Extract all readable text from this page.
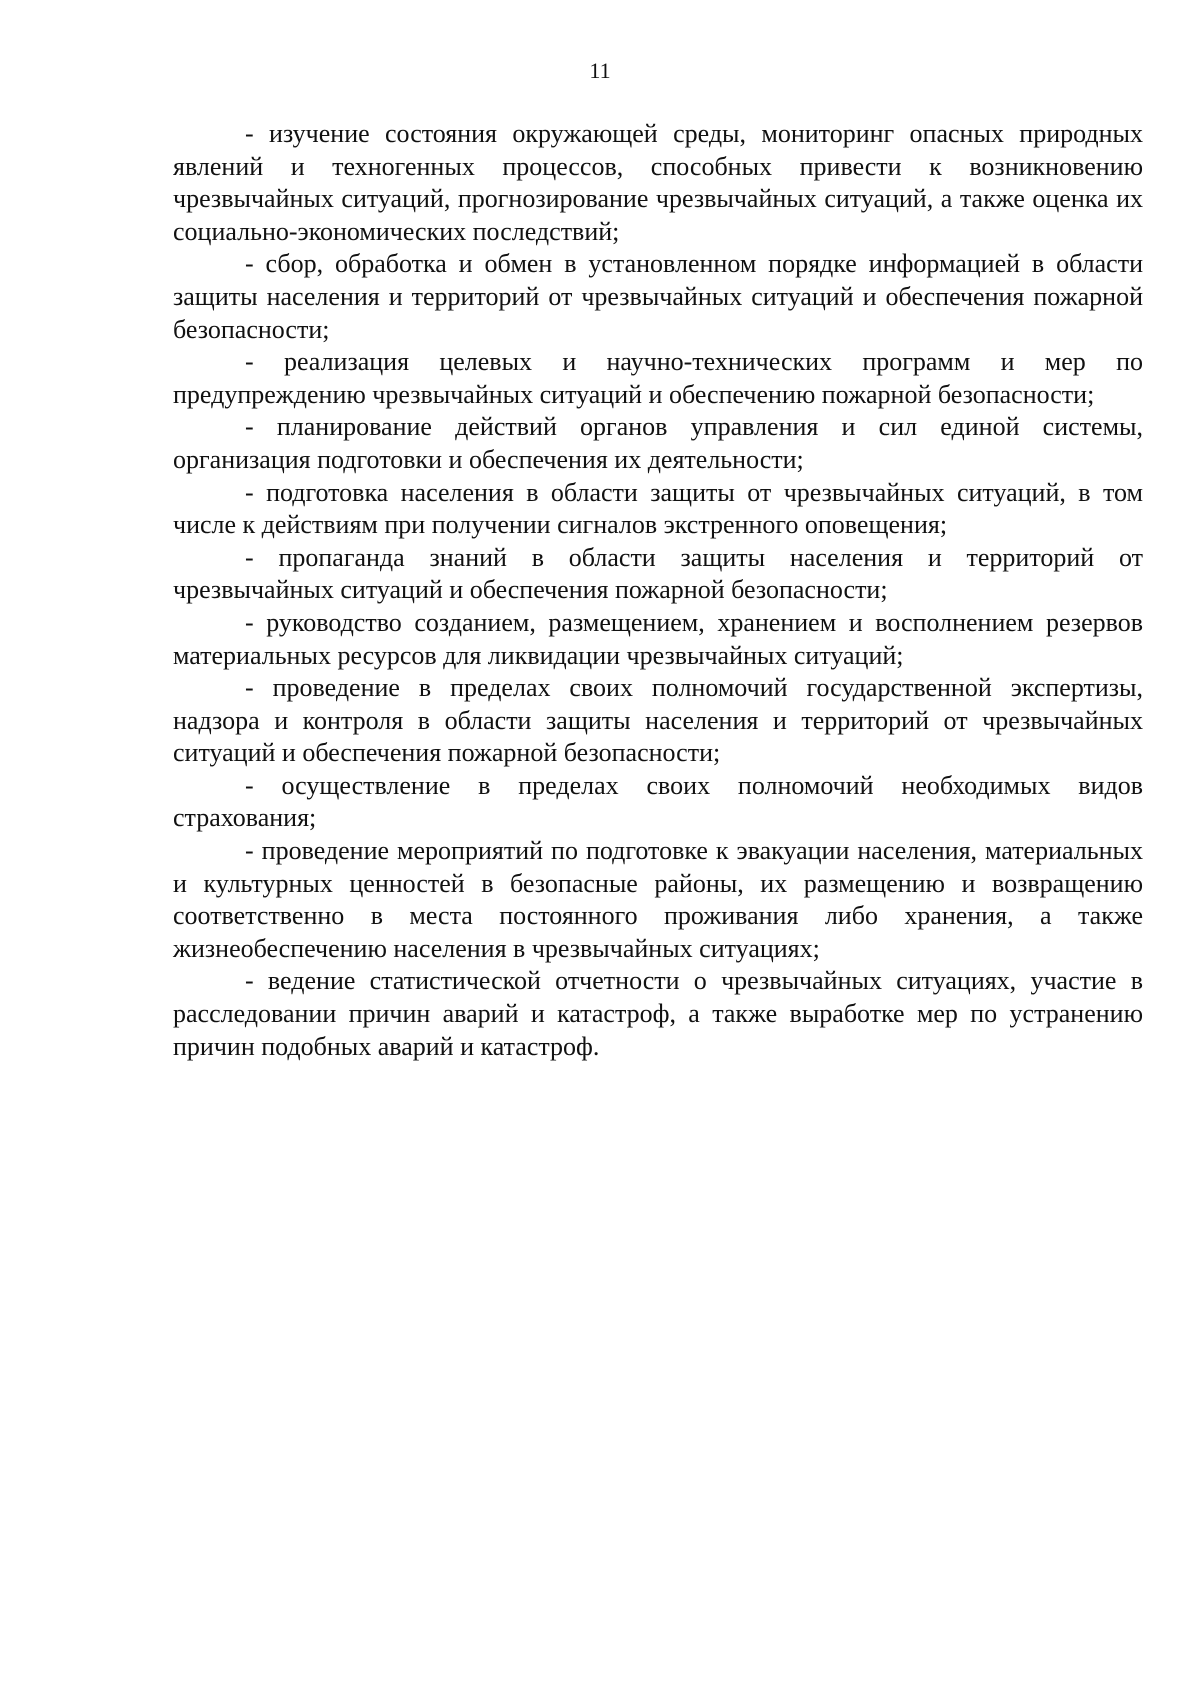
11

- изучение состояния окружающей среды, мониторинг опасных природных явлений и техногенных процессов, способных привести к возникновению чрезвычайных ситуаций, прогнозирование чрезвычайных ситуаций, а также оценка их социально-экономических последствий;

- сбор, обработка и обмен в установленном порядке информацией в области защиты населения и территорий от чрезвычайных ситуаций и обеспечения пожарной безопасности;

- реализация целевых и научно-технических программ и мер по предупреждению чрезвычайных ситуаций и обеспечению пожарной безопасности;

- планирование действий органов управления и сил единой системы, организация подготовки и обеспечения их деятельности;

- подготовка населения в области защиты от чрезвычайных ситуаций, в том числе к действиям при получении сигналов экстренного оповещения;

- пропаганда знаний в области защиты населения и территорий от чрезвычайных ситуаций и обеспечения пожарной безопасности;

- руководство созданием, размещением, хранением и восполнением резервов материальных ресурсов для ликвидации чрезвычайных ситуаций;

- проведение в пределах своих полномочий государственной экспертизы, надзора и контроля в области защиты населения и территорий от чрезвычайных ситуаций и обеспечения пожарной безопасности;

- осуществление в пределах своих полномочий необходимых видов страхования;

- проведение мероприятий по подготовке к эвакуации населения, материальных и культурных ценностей в безопасные районы, их размещению и возвращению соответственно в места постоянного проживания либо хранения, а также жизнеобеспечению населения в чрезвычайных ситуациях;

- ведение статистической отчетности о чрезвычайных ситуациях, участие в расследовании причин аварий и катастроф, а также выработке мер по устранению причин подобных аварий и катастроф.
